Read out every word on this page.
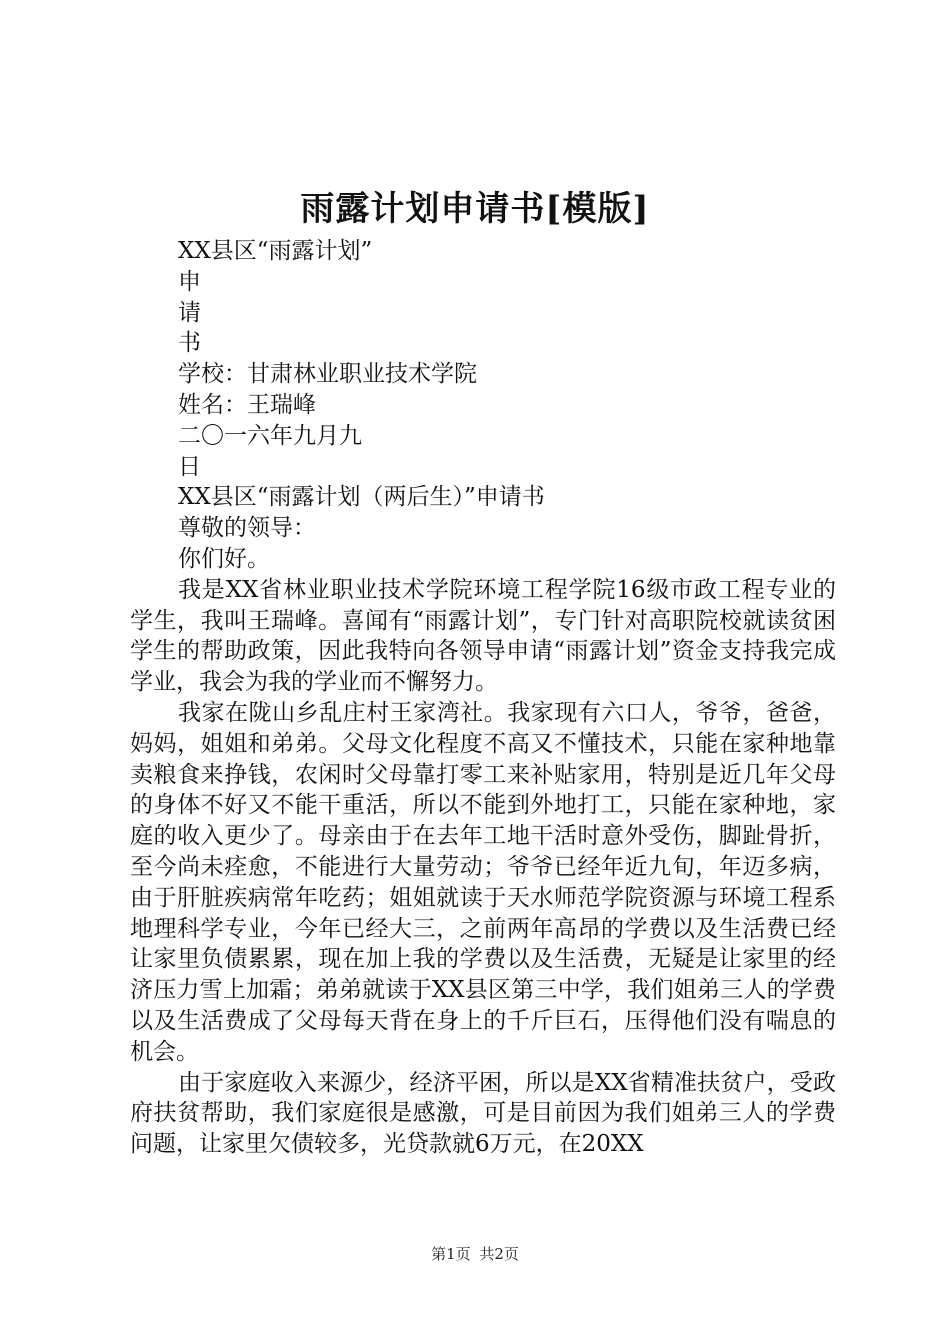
雨露计划申请书[模版]
XX县区“雨露计划”
申
请
书
学校：甘肃林业职业技术学院
姓名：王瑞峰
二〇一六年九月九
日
XX县区“雨露计划（两后生）”申请书
尊敬的领导：
你们好。

我是XX省林业职业技术学院环境工程学院16级市政工程专业的学生，我叫王瑞峰。喜闻有“雨露计划”，专门针对高职院校就读贫困学生的帮助政策，因此我特向各领导申请“雨露计划”资金支持我完成学业，我会为我的学业而不懈努力。

我家在陇山乡乱庄村王家湾社。我家现有六口人，爷爷，爸爸，妈妈，姐姐和弟弟。父母文化程度不高又不懂技术，只能在家种地靠卖粮食来挣钱，农闲时父母靠打零工来补贴家用，特别是近几年父母的身体不好又不能干重活，所以不能到外地打工，只能在家种地，家庭的收入更少了。母亲由于在去年工地干活时意外受伤，脚趾骨折，至今尚未痊愈，不能进行大量劳动；爷爷已经年近九旬，年迈多病，由于肝脏疾病常年吃药；姐姐就读于天水师范学院资源与环境工程系地理科学专业，今年已经大三，之前两年高昂的学费以及生活费已经让家里负债累累，现在加上我的学费以及生活费，无疑是让家里的经济压力雪上加霜；弟弟就读于XX县区第三中学，我们姐弟三人的学费以及生活费成了父母每天背在身上的千斤巨石，压得他们没有喘息的机会。

由于家庭收入来源少，经济平困，所以是XX省精准扶贫户，受政府扶贫帮助，我们家庭很是感激，可是目前因为我们姐弟三人的学费问题，让家里欠债较多，光贷款就6万元，在20XX

第1页 共2页
